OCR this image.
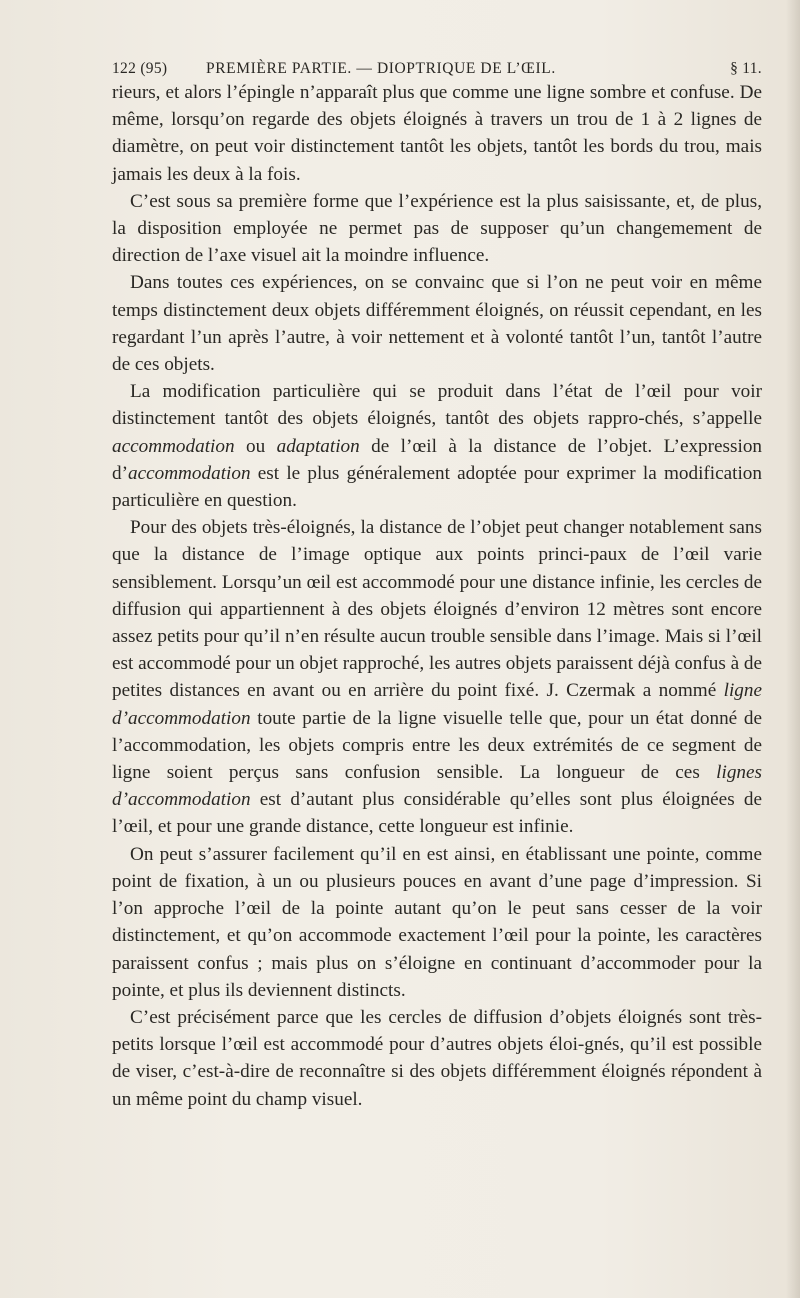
122 (95) PREMIÈRE PARTIE. — DIOPTRIQUE DE L’ŒIL.	§ 11.

rieurs, et alors l’épingle n’apparaît plus que comme une ligne sombre et confuse. De même, lorsqu’on regarde des objets éloignés à travers un trou de 1 à 2 lignes de diamètre, on peut voir distinctement tantôt les objets, tantôt les bords du trou, mais jamais les deux à la fois.

C’est sous sa première forme que l’expérience est la plus saisissante, et, de plus, la disposition employée ne permet pas de supposer qu’un changemement de direction de l’axe visuel ait la moindre influence.

Dans toutes ces expériences, on se convainc que si l’on ne peut voir en même temps distinctement deux objets différemment éloignés, on réussit cependant, en les regardant l’un après l’autre, à voir nettement et à volonté tantôt l’un, tantôt l’autre de ces objets.

La modification particulière qui se produit dans l’état de l’œil pour voir distinctement tantôt des objets éloignés, tantôt des objets rappro-chés, s’appelle accommodation ou adaptation de l’œil à la distance de l’objet. L’expression d’accommodation est le plus généralement adoptée pour exprimer la modification particulière en question.

Pour des objets très-éloignés, la distance de l’objet peut changer notablement sans que la distance de l’image optique aux points princi-paux de l’œil varie sensiblement. Lorsqu’un œil est accommodé pour une distance infinie, les cercles de diffusion qui appartiennent à des objets éloignés d’environ 12 mètres sont encore assez petits pour qu’il n’en résulte aucun trouble sensible dans l’image. Mais si l’œil est accommodé pour un objet rapproché, les autres objets paraissent déjà confus à de petites distances en avant ou en arrière du point fixé. J. Czermak a nommé ligne d’accommodation toute partie de la ligne visuelle telle que, pour un état donné de l’accommodation, les objets compris entre les deux extrémités de ce segment de ligne soient perçus sans confusion sensible. La longueur de ces lignes d’accommodation est d’autant plus considérable qu’elles sont plus éloignées de l’œil, et pour une grande distance, cette longueur est infinie.

On peut s’assurer facilement qu’il en est ainsi, en établissant une pointe, comme point de fixation, à un ou plusieurs pouces en avant d’une page d’impression. Si l’on approche l’œil de la pointe autant qu’on le peut sans cesser de la voir distinctement, et qu’on accommode exactement l’œil pour la pointe, les caractères paraissent confus ; mais plus on s’éloigne en continuant d’accommoder pour la pointe, et plus ils deviennent distincts.

C’est précisément parce que les cercles de diffusion d’objets éloignés sont très-petits lorsque l’œil est accommodé pour d’autres objets éloi-gnés, qu’il est possible de viser, c’est-à-dire de reconnaître si des objets différemment éloignés répondent à un même point du champ visuel.
